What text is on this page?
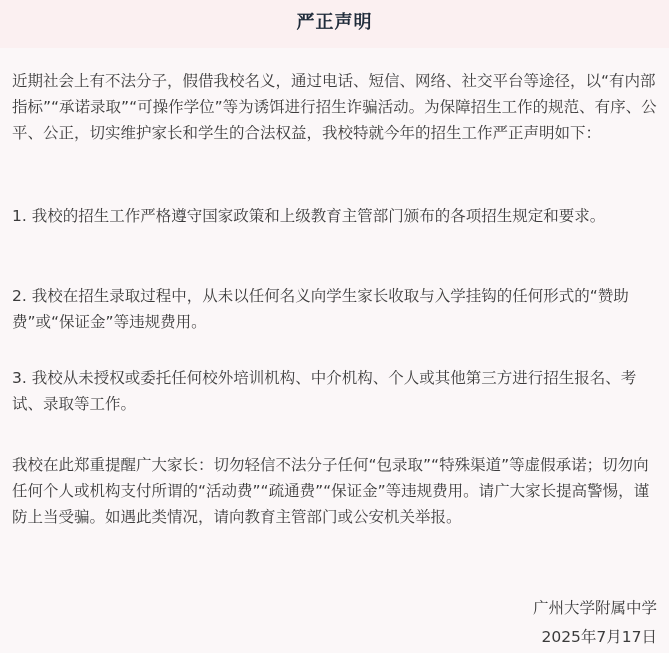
严正声明

近期社会上有不法分子，假借我校名义，通过电话、短信、网络、社交平台等途径，以“有内部指标”“承诺录取”“可操作学位”等为诱饵进行招生诈骗活动。为保障招生工作的规范、有序、公平、公正，切实维护家长和学生的合法权益，我校特就今年的招生工作严正声明如下：

1. 我校的招生工作严格遵守国家政策和上级教育主管部门颁布的各项招生规定和要求。

2. 我校在招生录取过程中，从未以任何名义向学生家长收取与入学挂钩的任何形式的“赞助费”或“保证金”等违规费用。

3. 我校从未授权或委托任何校外培训机构、中介机构、个人或其他第三方进行招生报名、考试、录取等工作。

我校在此郑重提醒广大家长：切勿轻信不法分子任何“包录取”“特殊渠道”等虚假承诺；切勿向任何个人或机构支付所谓的“活动费”“疏通费”“保证金”等违规费用。请广大家长提高警惕，谨防上当受骗。如遇此类情况，请向教育主管部门或公安机关举报。

广州大学附属中学
2025年7月17日
